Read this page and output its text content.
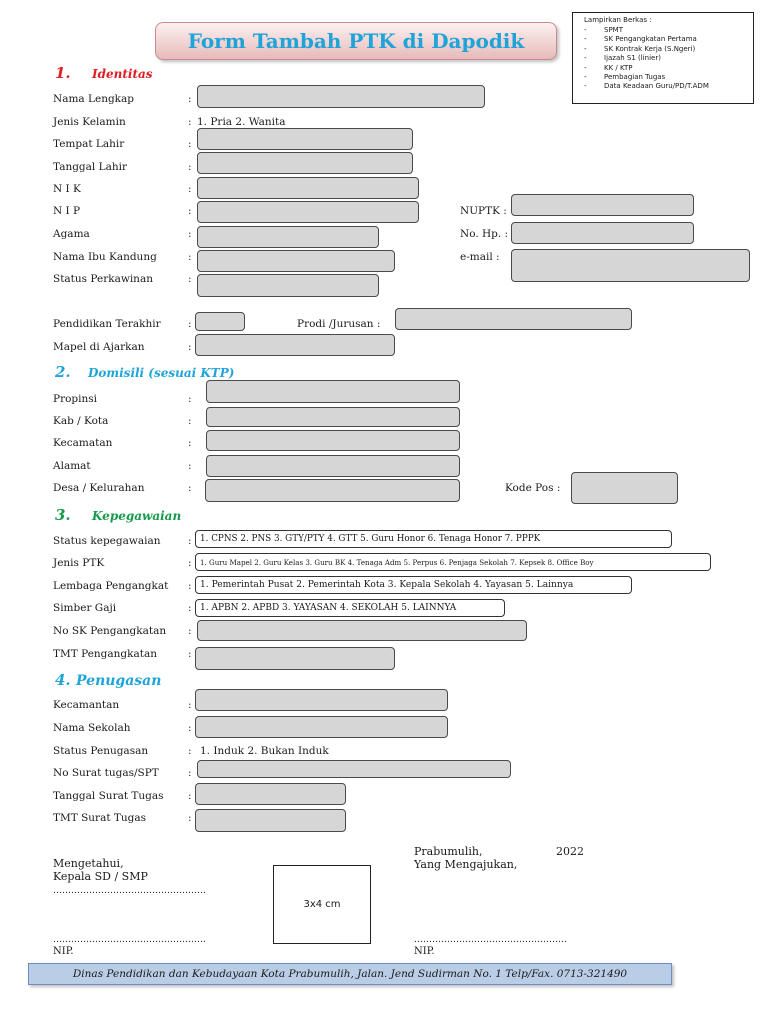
Form Tambah PTK di Dapodik
Lampirkan Berkas :
- SPMT
- SK Pengangkatan Pertama
- SK Kontrak Kerja (S.Ngeri)
- Ijazah S1 (linier)
- KK / KTP
- Pembagian Tugas
- Data Keadaan Guru/PD/T.ADM
1. Identitas
Nama Lengkap	:
Jenis Kelamin	: 1. Pria 2. Wanita
Tempat Lahir	:
Tanggal Lahir	:
N I K	:
N I P	:	NUPTK :
Agama	:	No. Hp. :
Nama Ibu Kandung	:	e-mail :
Status Perkawinan	:
Pendidikan Terakhir	:	Prodi /Jurusan :
Mapel di Ajarkan	:
2. Domisili (sesuai KTP)
Propinsi	:
Kab / Kota	:
Kecamatan	:
Alamat	:
Desa / Kelurahan	:	Kode Pos :
3. Kepegawaian
Status kepegawaian	: 1. CPNS 2. PNS 3. GTY/PTY 4. GTT 5. Guru Honor 6. Tenaga Honor 7. PPPK
Jenis PTK	:	1. Guru Mapel 2. Guru Kelas 3. Guru BK 4. Tenaga Adm 5. Perpus 6. Penjaga Sekolah 7. Kepsek 8. Office Boy
Lembaga Pengangkat : 1. Pemerintah Pusat 2. Pemerintah Kota 3. Kepala Sekolah 4. Yayasan 5. Lainnya
Simber Gaji	: 1. APBN 2. APBD 3. YAYASAN 4. SEKOLAH 5. LAINNYA
No SK Pengangkatan :
TMT Pengangkatan	:
4. Penugasan
Kecamantan	:
Nama Sekolah	:
Status Penugasan	: 1. Induk 2. Bukan Induk
No Surat tugas/SPT	:
Tanggal Surat Tugas :
TMT Surat Tugas	:
Prabumulih,	2022
Yang Mengajukan,
Mengetahui,
Kepala SD / SMP
……………………………………………
3x4 cm
……………………………………………
NIP.
……………………………………………
NIP.
Dinas Pendidikan dan Kebudayaan Kota Prabumulih, Jalan. Jend Sudirman No. 1 Telp/Fax. 0713-321490
